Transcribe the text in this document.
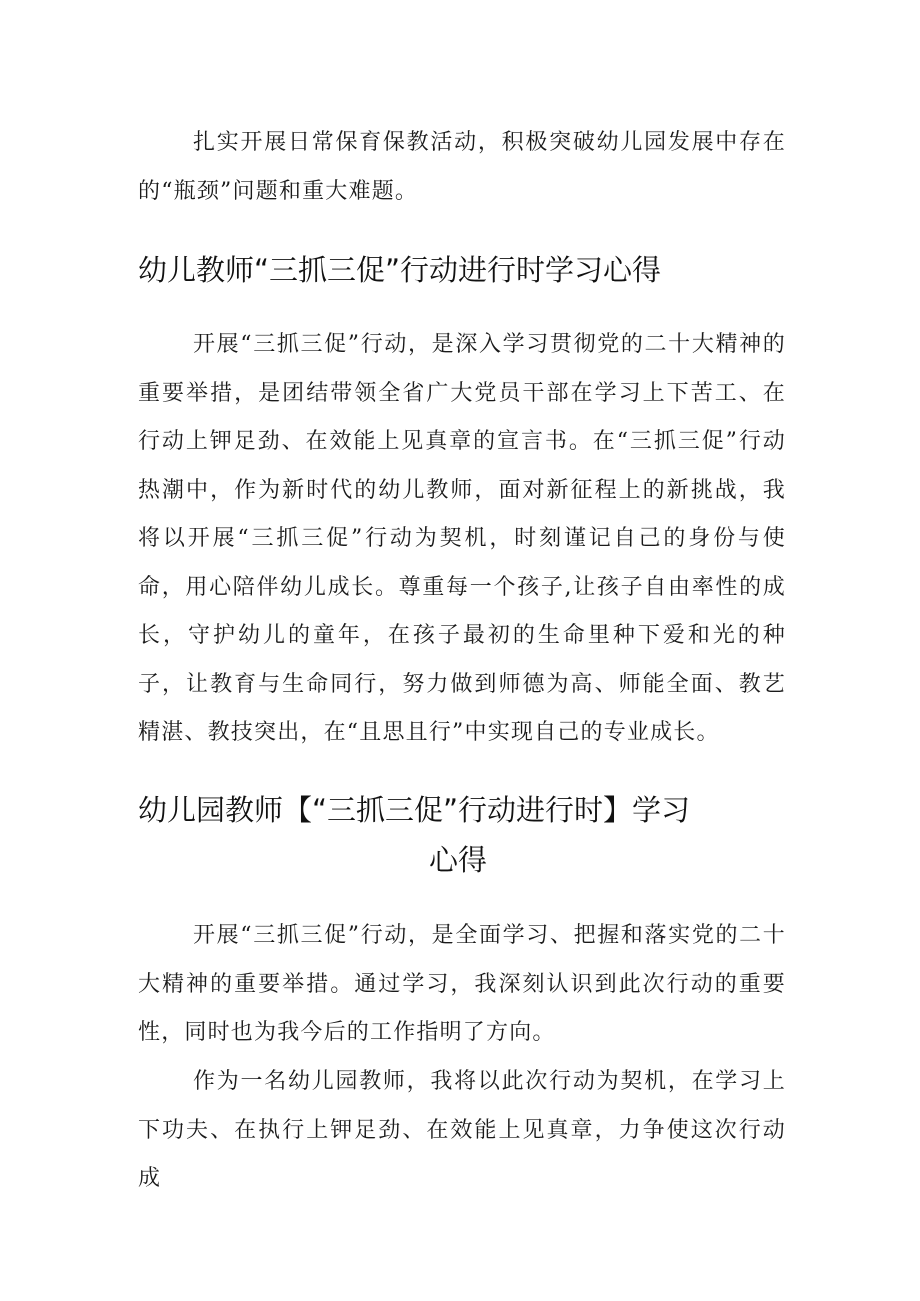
扎实开展日常保育保教活动，积极突破幼儿园发展中存在的“瓶颈”问题和重大难题。

幼儿教师“三抓三促”行动进行时学习心得

开展“三抓三促”行动，是深入学习贯彻党的二十大精神的重要举措，是团结带领全省广大党员干部在学习上下苦工、在行动上钾足劲、在效能上见真章的宣言书。在“三抓三促”行动热潮中，作为新时代的幼儿教师，面对新征程上的新挑战，我将以开展“三抓三促”行动为契机，时刻谨记自己的身份与使命，用心陪伴幼儿成长。尊重每一个孩子,让孩子自由率性的成长，守护幼儿的童年，在孩子最初的生命里种下爱和光的种子，让教育与生命同行，努力做到师德为高、师能全面、教艺精湛、教技突出，在“且思且行”中实现自己的专业成长。

幼儿园教师【“三抓三促”行动进行时】学习
心得

开展“三抓三促”行动，是全面学习、把握和落实党的二十大精神的重要举措。通过学习，我深刻认识到此次行动的重要性，同时也为我今后的工作指明了方向。

作为一名幼儿园教师，我将以此次行动为契机，在学习上下功夫、在执行上钾足劲、在效能上见真章，力争使这次行动成
